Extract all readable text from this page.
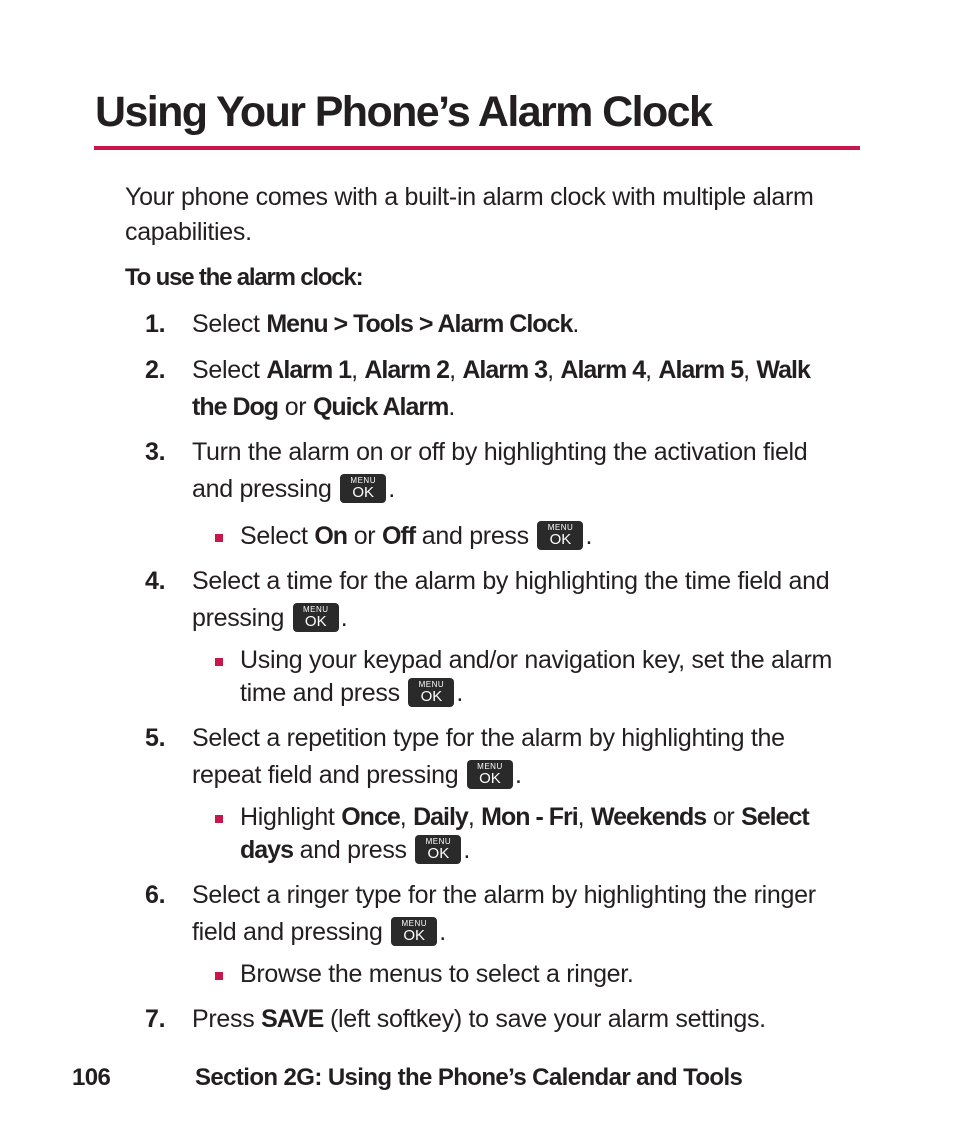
Using Your Phone’s Alarm Clock

Your phone comes with a built-in alarm clock with multiple alarm capabilities.

To use the alarm clock:

1. Select Menu > Tools > Alarm Clock.
2. Select Alarm 1, Alarm 2, Alarm 3, Alarm 4, Alarm 5, Walk the Dog or Quick Alarm.
3. Turn the alarm on or off by highlighting the activation field and pressing	MENU
OK .
Select On or Off and press	MENU
OK .
4. Select a time for the alarm by highlighting the time field and pressing	MENU
OK .
Using your keypad and/or navigation key, set the alarm time and press	MENU
OK .
5. Select a repetition type for the alarm by highlighting the repeat field and pressing	MENU
OK .
Highlight Once, Daily, Mon - Fri, Weekends or Select days and press	MENU
OK .
6. Select a ringer type for the alarm by highlighting the ringer field and pressing	MENU
OK .
Browse the menus to select a ringer.
7. Press SAVE (left softkey) to save your alarm settings.
106	Section 2G: Using the Phone’s Calendar and Tools
